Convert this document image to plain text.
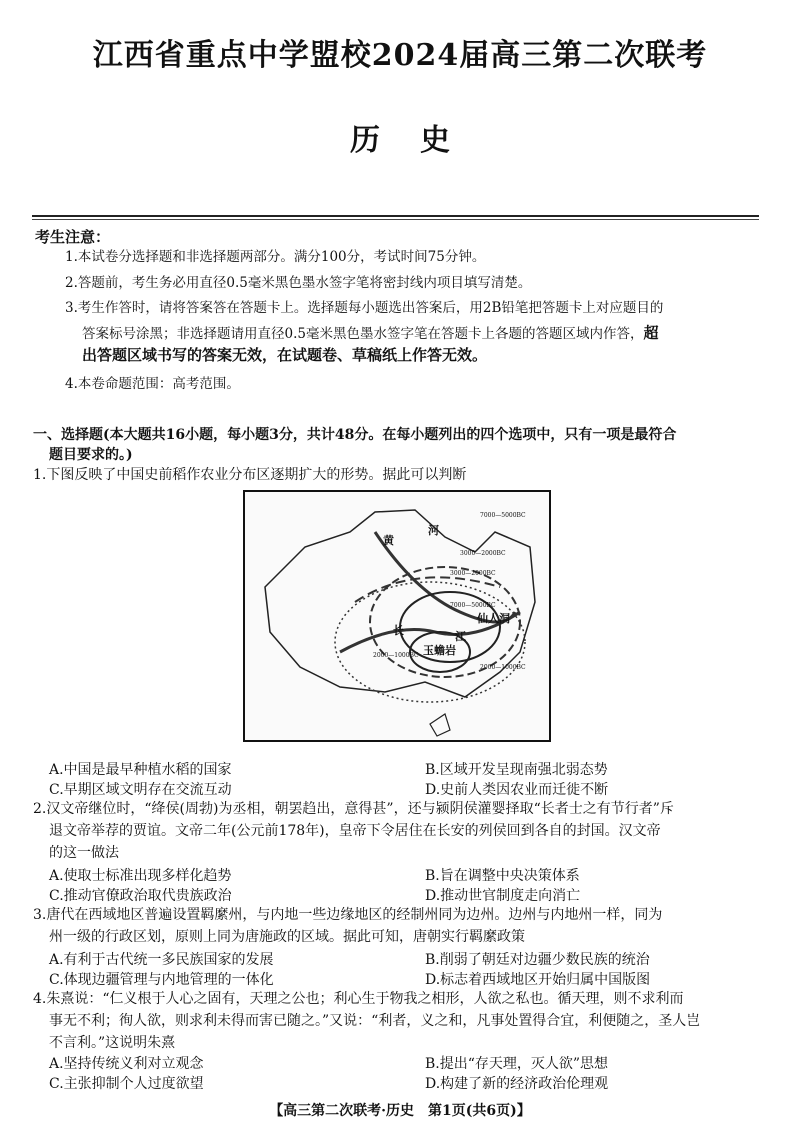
江西省重点中学盟校2024届高三第二次联考
历史
考生注意：
1.本试卷分选择题和非选择题两部分。满分100分，考试时间75分钟。
2.答题前，考生务必用直径0.5毫米黑色墨水签字笔将密封线内项目填写清楚。
3.考生作答时，请将答案答在答题卡上。选择题每小题选出答案后，用2B铅笔把答题卡上对应题目的
答案标号涂黑；非选择题请用直径0.5毫米黑色墨水签字笔在答题卡上各题的答题区域内作答，超
出答题区域书写的答案无效，在试题卷、草稿纸上作答无效。
4.本卷命题范围：高考范围。
一、选择题(本大题共16小题，每小题3分，共计48分。在每小题列出的四个选项中，只有一项是最符合
题目要求的。)
1.下图反映了中国史前稻作农业分布区逐期扩大的形势。据此可以判断
黄
河
长	江
仙人洞
玉蟾岩
7000—5000BC
3000—2000BC
3000—2000BC
7000—5000BC
2000—1000BC
2000—1000BC
A.中国是最早种植水稻的国家	B.区域开发呈现南强北弱态势
C.早期区域文明存在交流互动	D.史前人类因农业而迁徙不断
2.汉文帝继位时，“绛侯(周勃)为丞相，朝罢趋出，意得甚”，还与颍阴侯灌婴择取“长者士之有节行者”斥
退文帝举荐的贾谊。文帝二年(公元前178年)，皇帝下令居住在长安的列侯回到各自的封国。汉文帝
的这一做法
A.使取士标准出现多样化趋势	B.旨在调整中央决策体系
C.推动官僚政治取代贵族政治	D.推动世官制度走向消亡
3.唐代在西域地区普遍设置羁縻州，与内地一些边缘地区的经制州同为边州。边州与内地州一样，同为
州一级的行政区划，原则上同为唐施政的区域。据此可知，唐朝实行羁縻政策
A.有利于古代统一多民族国家的发展	B.削弱了朝廷对边疆少数民族的统治
C.体现边疆管理与内地管理的一体化	D.标志着西域地区开始归属中国版图
4.朱熹说：“仁义根于人心之固有，天理之公也；利心生于物我之相形，人欲之私也。循天理，则不求利而
事无不利；徇人欲，则求利未得而害已随之。”又说：“利者，义之和，凡事处置得合宜，利便随之，圣人岂
不言利。”这说明朱熹
A.坚持传统义利对立观念	B.提出“存天理，灭人欲”思想
C.主张抑制个人过度欲望	D.构建了新的经济政治伦理观
【高三第二次联考·历史　第1页(共6页)】
